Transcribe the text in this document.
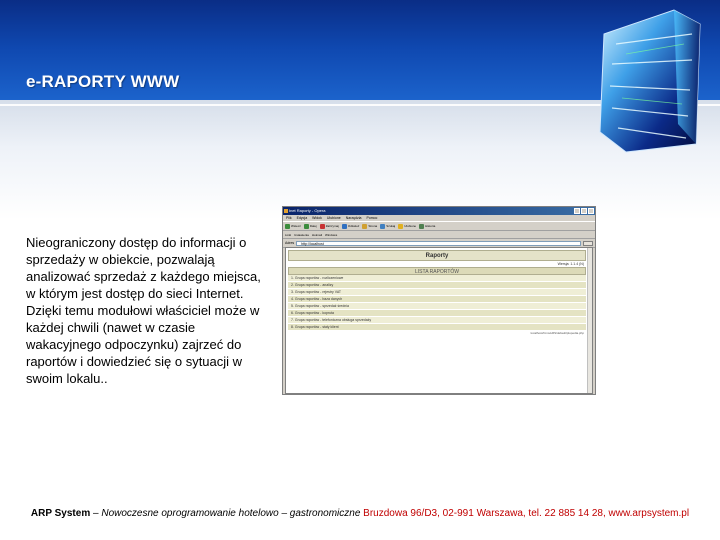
e-RAPORTY WWW
Nieograniczony dostęp do informacji o sprzedaży w obiekcie, pozwalają analizować sprzedaż z każdego miejsca, w którym jest dostęp do sieci Internet. Dzięki temu modułowi właściciel może w każdej chwili (nawet w czasie wakacyjnego odpoczynku) zajrzeć do raportów i dowiedzieć się o sytuacji w swoim lokalu..
Inet Raporty - Opera
Plik Edycja Widok Ulubione Narzędzia Pomoc
Wstecz	Dalej	Zatrzymaj	Odśwież	Strona	Szukaj	Ulubione	Historia
Linki Ustawienia Hotmail Windows
Adres	http://localhost
Raporty
Wersja: 1.1.4 (N)
LISTA RAPORTÓW
1. Grupa raportów - rozliczeniowe
2. Grupa raportów - analizy
3. Grupa raportów - rejestry VAT
4. Grupa raportów - baza danych
5. Grupa raportów - sprzedaż średnia
6. Grupa raportów - kopruta
7. Grupa raportów - telefoniczna obsługa sprzedaży
8. Grupa raportów - stały klient
localhost/Cms/eRS/default/plopedia.php
ARP System – Nowoczesne oprogramowanie hotelowo – gastronomiczne Bruzdowa 96/D3, 02-991 Warszawa, tel. 22 885 14 28, www.arpsystem.pl
